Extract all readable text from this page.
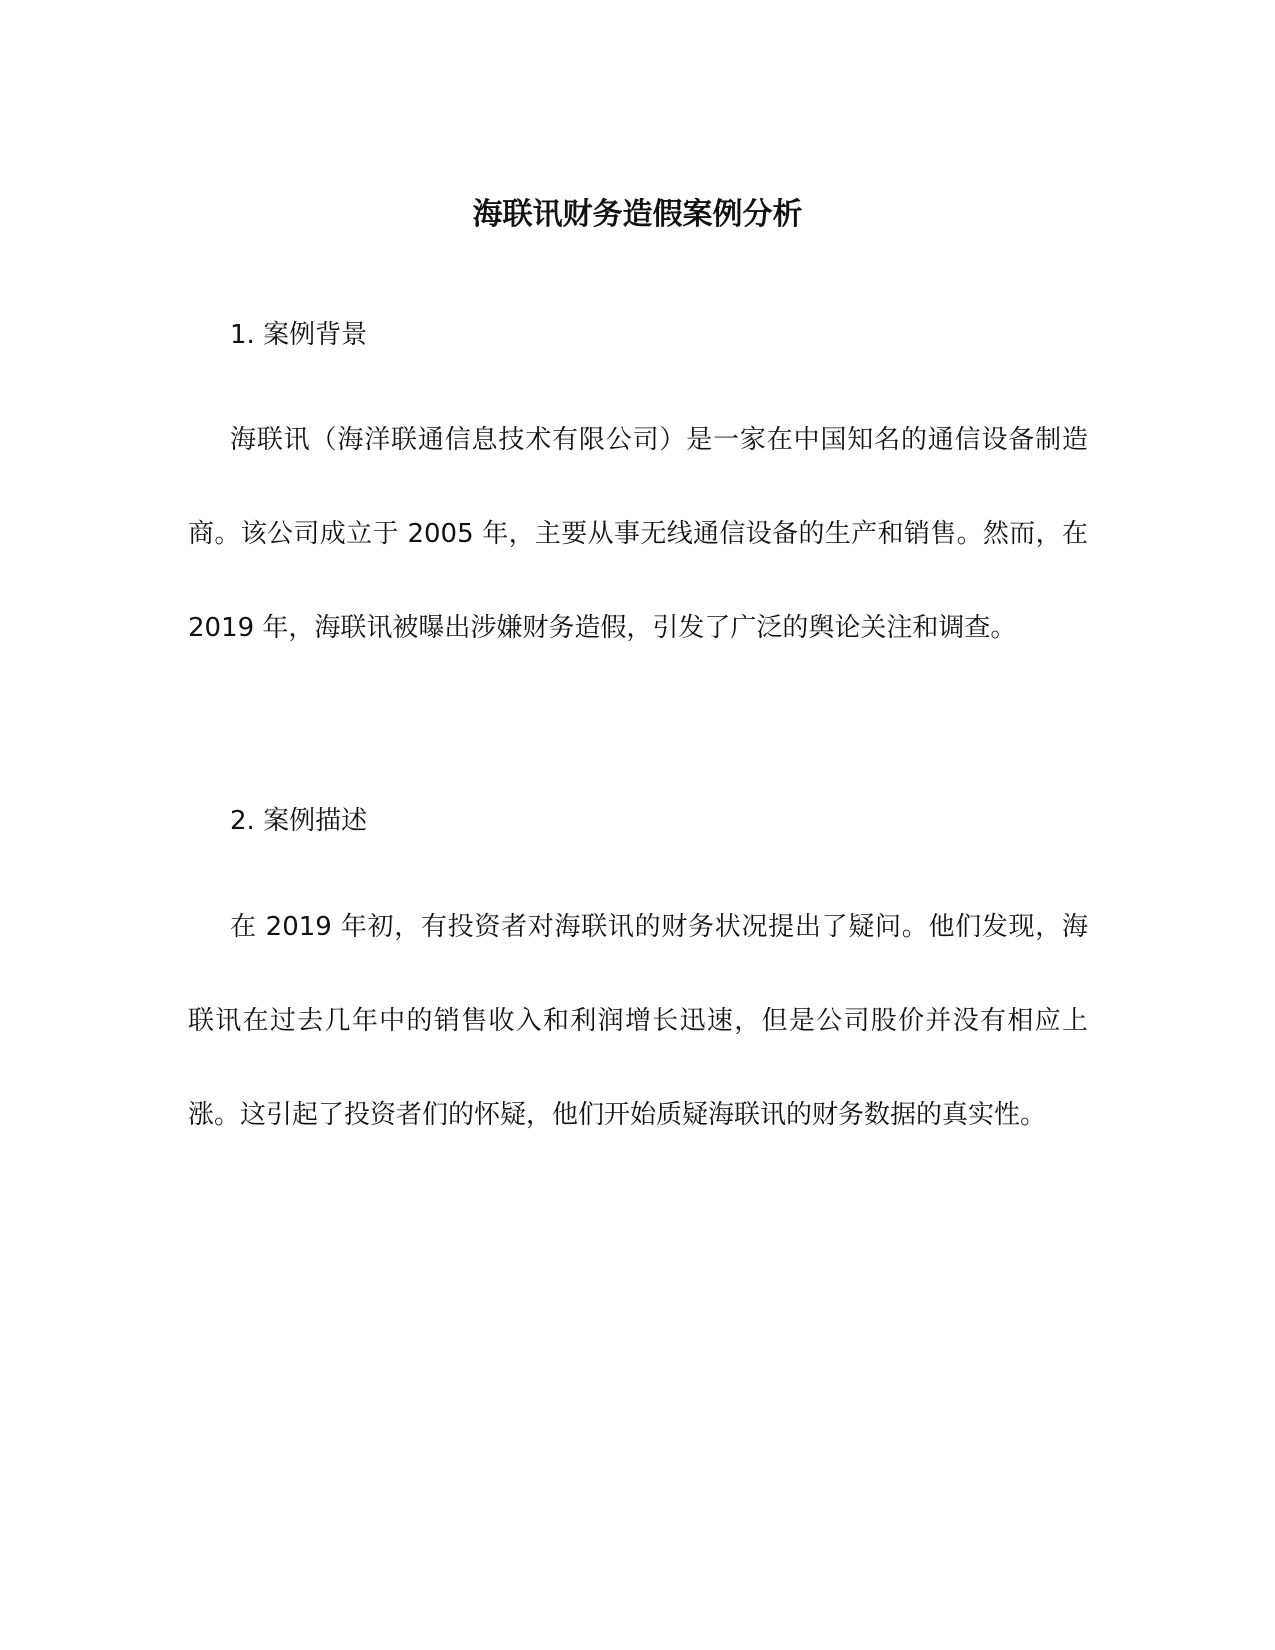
海联讯财务造假案例分析
1. 案例背景

海联讯（海洋联通信息技术有限公司）是一家在中国知名的通信设备制造商。该公司成立于 2005 年，主要从事无线通信设备的生产和销售。然而，在 2019 年，海联讯被曝出涉嫌财务造假，引发了广泛的舆论关注和调查。

2. 案例描述

在 2019 年初，有投资者对海联讯的财务状况提出了疑问。他们发现，海联讯在过去几年中的销售收入和利润增长迅速，但是公司股价并没有相应上涨。这引起了投资者们的怀疑，他们开始质疑海联讯的财务数据的真实性。
